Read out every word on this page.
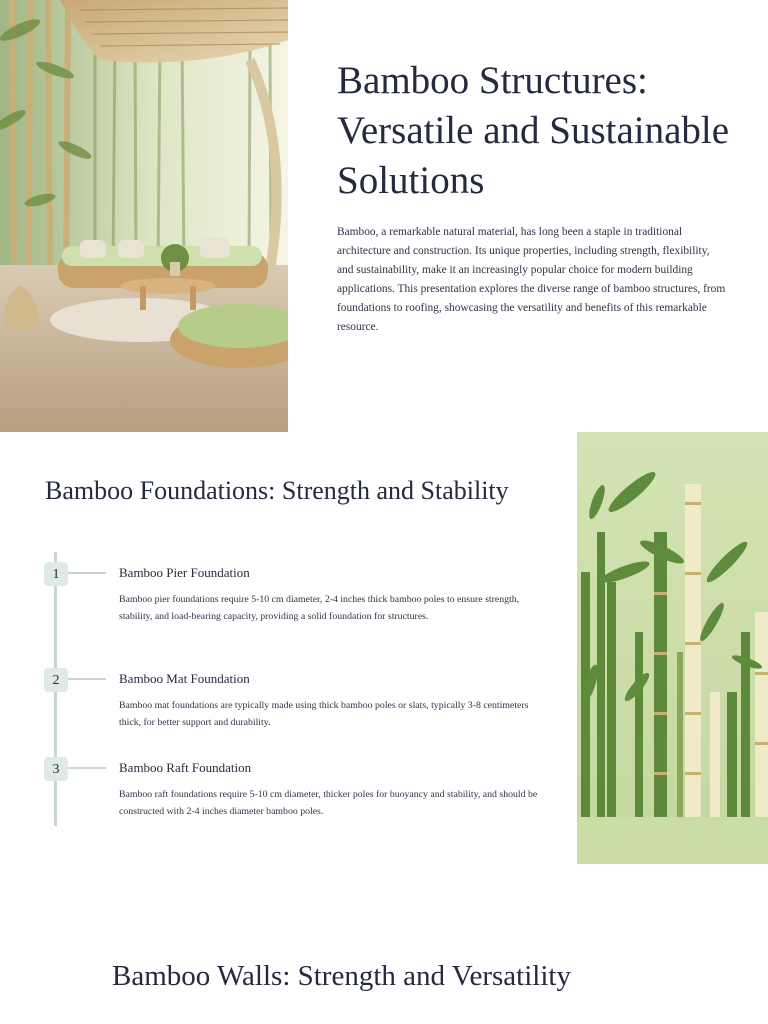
Bamboo Structures: Versatile and Sustainable Solutions

Bamboo, a remarkable natural material, has long been a staple in traditional architecture and construction. Its unique properties, including strength, flexibility, and sustainability, make it an increasingly popular choice for modern building applications. This presentation explores the diverse range of bamboo structures, from foundations to roofing, showcasing the versatility and benefits of this remarkable resource.

Bamboo Foundations: Strength and Stability
1	Bamboo Pier Foundation

Bamboo pier foundations require 5-10 cm diameter, 2-4 inches thick bamboo poles to ensure strength, stability, and load-bearing capacity, providing a solid foundation for structures.

2	Bamboo Mat Foundation

Bamboo mat foundations are typically made using thick bamboo poles or slats, typically 3-8 centimeters thick, for better support and durability.

3	Bamboo Raft Foundation

Bamboo raft foundations require 5-10 cm diameter, thicker poles for buoyancy and stability, and should be constructed with 2-4 inches diameter bamboo poles.

Bamboo Walls: Strength and Versatility
